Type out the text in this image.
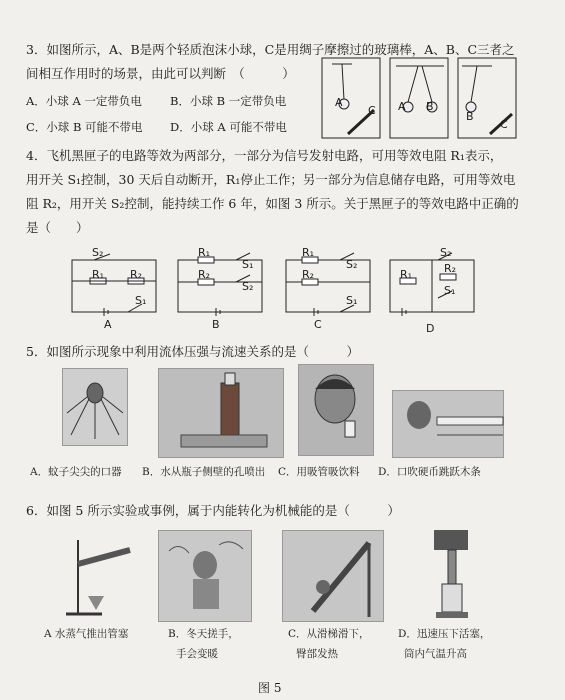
3．如图所示，A、B是两个轻质泡沫小球，C是用绸子摩擦过的玻璃棒，A、B、C三者之
间相互作用时的场景，由此可以判断　（　　　）
A．小球 A 一定带负电 B．小球 B 一定带负电
C．小球 B 可能不带电 D．小球 A 可能不带电
A
C A B
B
C
4．飞机黑匣子的电路等效为两部分，一部分为信号发射电路，可用等效电阻 R₁表示，
用开关 S₁控制，30 天后自动断开，R₁停止工作；另一部分为信息储存电路，可用等效电
阻 R₂，用开关 S₂控制，能持续工作 6 年，如图 3 所示。关于黑匣子的等效电路中正确的
是（　　）
S₂
R₁ R₂
S₁
R₁
R₂
S₁
S₂
R₁
R₂
S₂
S₁
R₁
S₂
R₂
S₁
A	B	C	D
5．如图所示现象中利用流体压强与流速关系的是（　　　）
A．蚊子尖尖的口器 B．水从瓶子侧壁的孔喷出 C．用吸管吸饮料 D．口吹硬币跳跃木条
6．如图 5 所示实验或事例，属于内能转化为机械能的是（　　　）
A 水蒸气推出管塞	B．冬天搓手，
手会变暖
C．从滑梯滑下，
臀部发热
D．迅速压下活塞，
筒内气温升高
图 5
